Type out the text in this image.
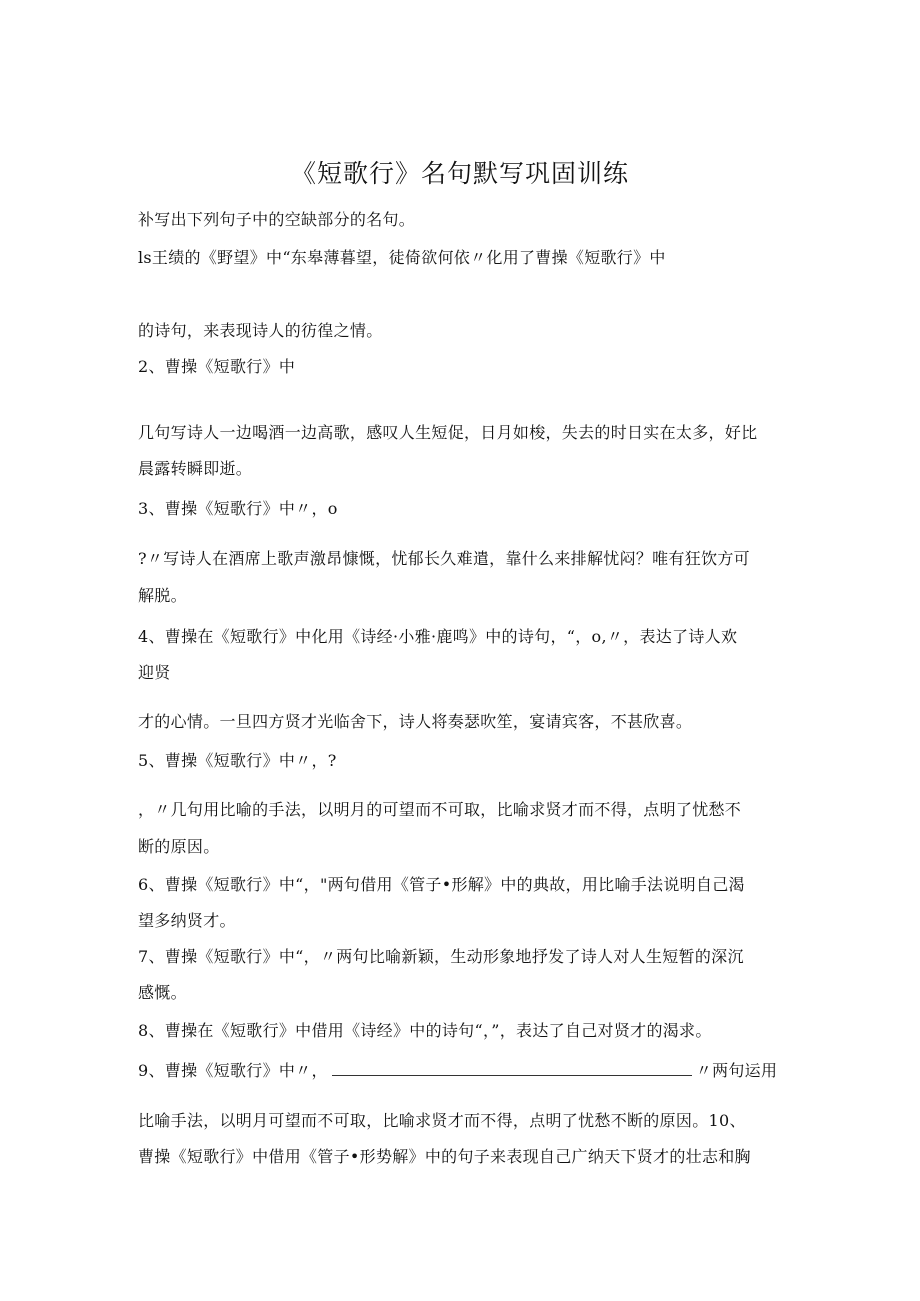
《短歌行》名句默写巩固训练
补写出下列句子中的空缺部分的名句。
ls王绩的《野望》中“东皋薄暮望，徒倚欲何依〃化用了曹操《短歌行》中
的诗句，来表现诗人的彷徨之情。
2、曹操《短歌行》中
几句写诗人一边喝酒一边高歌，感叹人生短促，日月如梭，失去的时日实在太多，好比
晨露转瞬即逝。
3、曹操《短歌行》中〃，o
?〃写诗人在酒席上歌声激昂慷慨，忧郁长久难遣，靠什么来排解忧闷？唯有狂饮方可
解脱。
4、曹操在《短歌行》中化用《诗经·小雅·鹿鸣》中的诗句，“，o,〃，表达了诗人欢
迎贤
才的心情。一旦四方贤才光临舍下，诗人将奏瑟吹笙，宴请宾客，不甚欣喜。
5、曹操《短歌行》中〃，?
，〃几句用比喻的手法，以明月的可望而不可取，比喻求贤才而不得，点明了忧愁不
断的原因。
6、曹操《短歌行》中“，"两句借用《管子•形解》中的典故，用比喻手法说明自己渴
望多纳贤才。
7、曹操《短歌行》中“，〃两句比喻新颖，生动形象地抒发了诗人对人生短暂的深沉
感慨。
8、曹操在《短歌行》中借用《诗经》中的诗句“，”，表达了自己对贤才的渴求。
9、曹操《短歌行》中〃，	〃两句运用
比喻手法，以明月可望而不可取，比喻求贤才而不得，点明了忧愁不断的原因。10、
曹操《短歌行》中借用《管子•形势解》中的句子来表现自己广纳天下贤才的壮志和胸
